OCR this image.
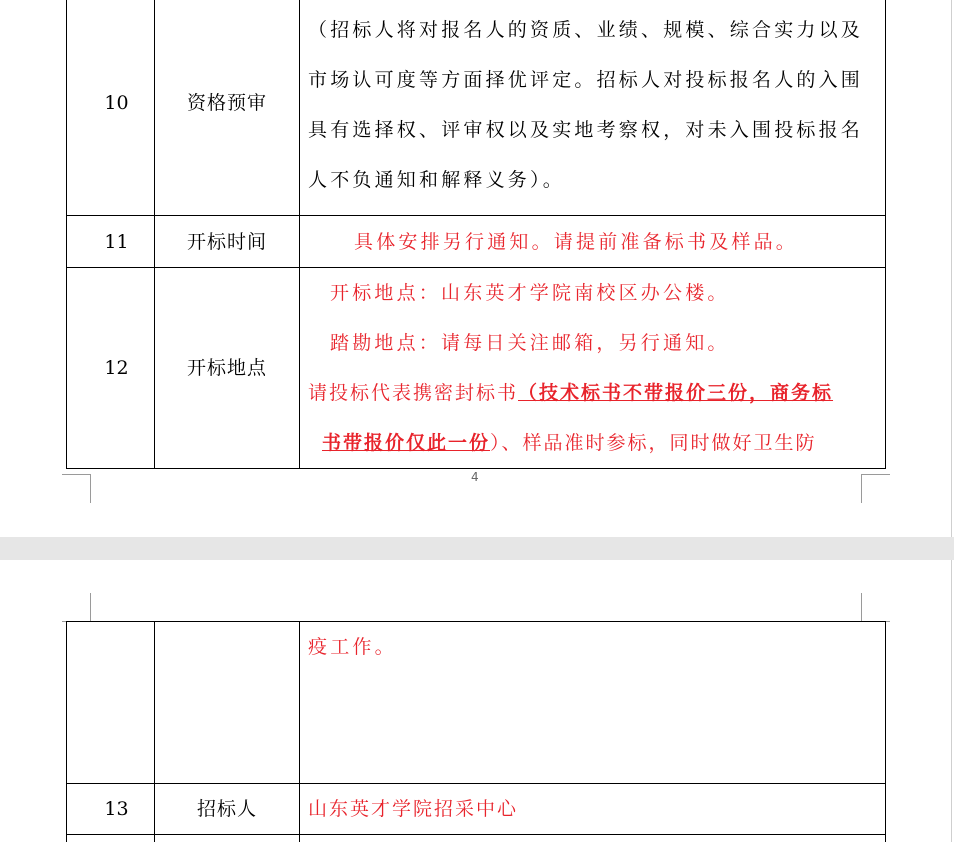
10	资格预审	（招标人将对报名人的资质、业绩、规模、综合实力以及
市场认可度等方面择优评定。招标人对投标报名人的入围
具有选择权、评审权以及实地考察权，对未入围投标报名
人不负通知和解释义务）。

11	开标时间	具体安排另行通知。请提前准备标书及样品。
12	开标地点	开标地点：山东英才学院南校区办公楼。
踏勘地点：请每日关注邮箱，另行通知。
请投标代表携密封标书（技术标书不带报价三份，商务标
书带报价仅此一份）、样品准时参标，同时做好卫生防
4
		疫工作。
13	招标人	山东英才学院招采中心
